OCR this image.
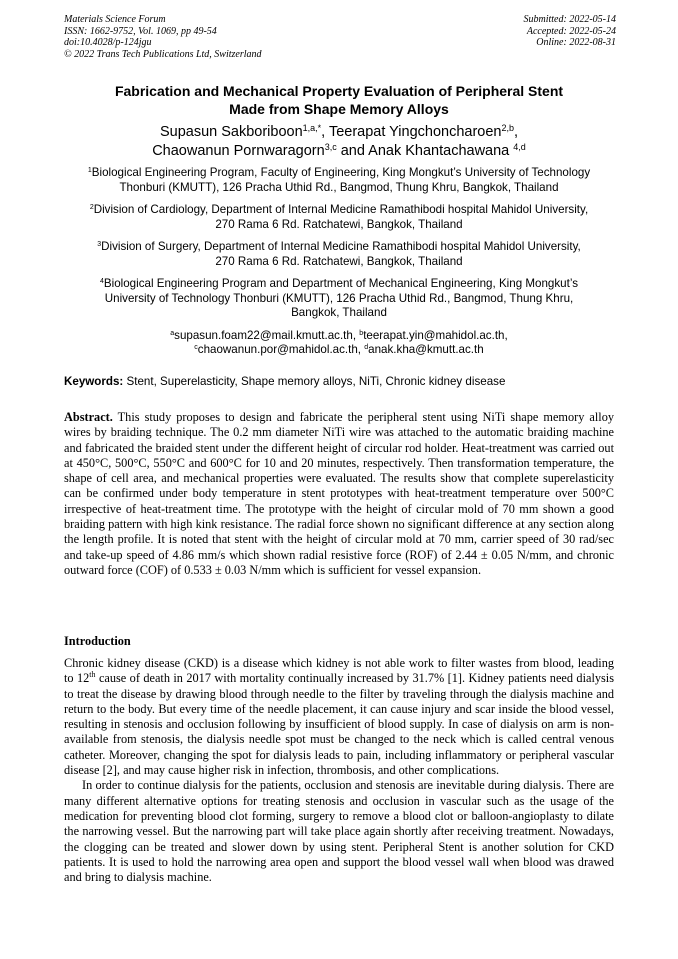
Materials Science Forum
ISSN: 1662-9752, Vol. 1069, pp 49-54
doi:10.4028/p-124jgu
© 2022 Trans Tech Publications Ltd, Switzerland
Submitted: 2022-05-14
Accepted: 2022-05-24
Online: 2022-08-31
Fabrication and Mechanical Property Evaluation of Peripheral Stent
Made from Shape Memory Alloys
Supasun Sakboriboon$^{1,a,*}$, Teerapat Yingchoncharoen$^{2,b}$,
Chaowanun Pornwaragorn$^{3,c}$ and Anak Khantachawana $^{4,d}$
$^1$Biological Engineering Program, Faculty of Engineering, King Mongkut’s University of Technology
Thonburi (KMUTT), 126 Pracha Uthid Rd., Bangmod, Thung Khru, Bangkok, Thailand
$^2$Division of Cardiology, Department of Internal Medicine Ramathibodi hospital Mahidol University,
270 Rama 6 Rd. Ratchatewi, Bangkok, Thailand
$^3$Division of Surgery, Department of Internal Medicine Ramathibodi hospital Mahidol University,
270 Rama 6 Rd. Ratchatewi, Bangkok, Thailand
$^4$Biological Engineering Program and Department of Mechanical Engineering, King Mongkut’s
University of Technology Thonburi (KMUTT), 126 Pracha Uthid Rd., Bangmod, Thung Khru,
Bangkok, Thailand
$^a$supasun.foam22@mail.kmutt.ac.th, $^b$teerapat.yin@mahidol.ac.th,
$^c$chaowanun.por@mahidol.ac.th, $^d$anak.kha@kmutt.ac.th
Keywords: Stent, Superelasticity, Shape memory alloys, NiTi, Chronic kidney disease
Abstract. This study proposes to design and fabricate the peripheral stent using NiTi shape memory alloy wires by braiding technique. The 0.2 mm diameter NiTi wire was attached to the automatic braiding machine and fabricated the braided stent under the different height of circular rod holder. Heat-treatment was carried out at 450°C, 500°C, 550°C and 600°C for 10 and 20 minutes, respectively. Then transformation temperature, the shape of cell area, and mechanical properties were evaluated. The results show that complete superelasticity can be confirmed under body temperature in stent prototypes with heat-treatment temperature over 500°C irrespective of heat-treatment time. The prototype with the height of circular mold of 70 mm shown a good braiding pattern with high kink resistance. The radial force shown no significant difference at any section along the length profile. It is noted that stent with the height of circular mold at 70 mm, carrier speed of 30 rad/sec and take-up speed of 4.86 mm/s which shown radial resistive force (ROF) of 2.44 ± 0.05 N/mm, and chronic outward force (COF) of 0.533 ± 0.03 N/mm which is sufficient for vessel expansion.
Introduction

Chronic kidney disease (CKD) is a disease which kidney is not able work to filter wastes from blood, leading to 12th cause of death in 2017 with mortality continually increased by 31.7% [1]. Kidney patients need dialysis to treat the disease by drawing blood through needle to the filter by traveling through the dialysis machine and return to the body. But every time of the needle placement, it can cause injury and scar inside the blood vessel, resulting in stenosis and occlusion following by insufficient of blood supply. In case of dialysis on arm is non-available from stenosis, the dialysis needle spot must be changed to the neck which is called central venous catheter. Moreover, changing the spot for dialysis leads to pain, including inflammatory or peripheral vascular disease [2], and may cause higher risk in infection, thrombosis, and other complications.

In order to continue dialysis for the patients, occlusion and stenosis are inevitable during dialysis. There are many different alternative options for treating stenosis and occlusion in vascular such as the usage of the medication for preventing blood clot forming, surgery to remove a blood clot or balloon-angioplasty to dilate the narrowing vessel. But the narrowing part will take place again shortly after receiving treatment. Nowadays, the clogging can be treated and slower down by using stent. Peripheral Stent is another solution for CKD patients. It is used to hold the narrowing area open and support the blood vessel wall when blood was drawed and bring to dialysis machine.
